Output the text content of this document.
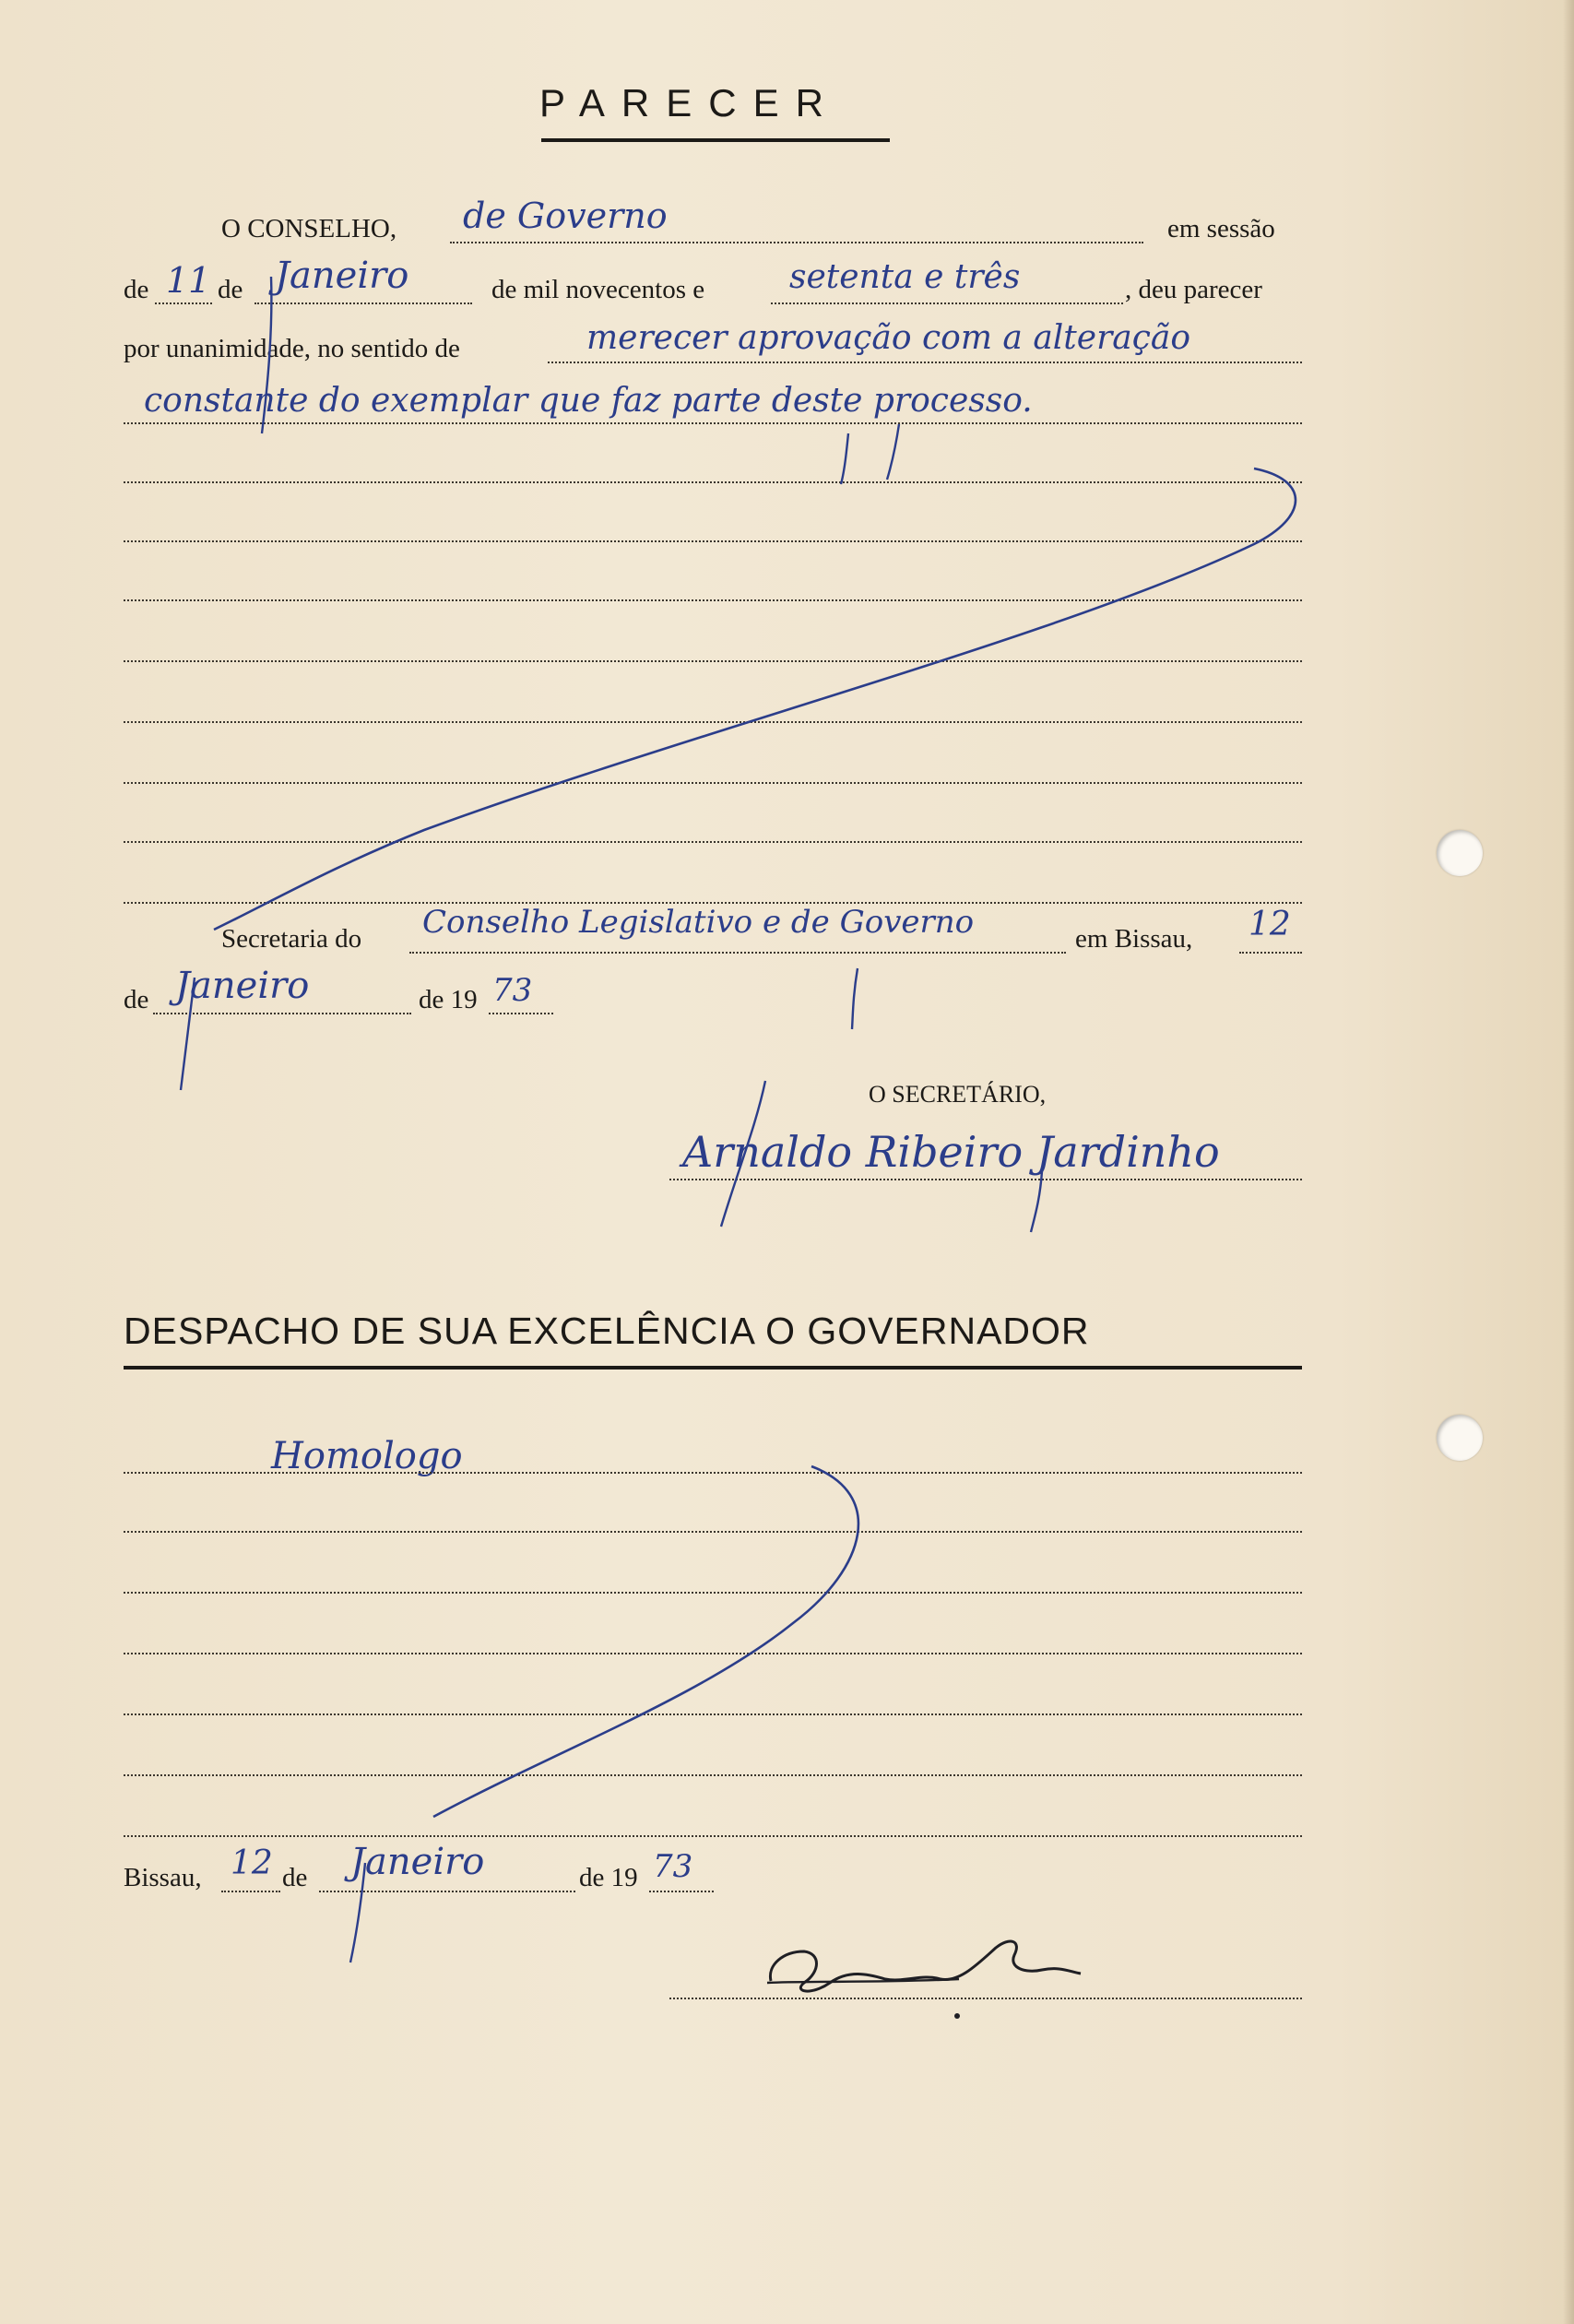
PARECER
O CONSELHO, de Governo	em sessão
de 11 de Janeiro	de mil novecentos e	setenta e três	, deu parecer
por unanimidade, no sentido de	merecer aprovação com a alteração
constante do exemplar que faz parte deste processo.
Secretaria do Conselho Legislativo e de Governo	em Bissau, 12
de Janeiro	de 19 73
O SECRETÁRIO,
Arnaldo Ribeiro Jardinho
DESPACHO DE SUA EXCELÊNCIA O GOVERNADOR
Homologo
Bissau, 12 de Janeiro	de 19 73
